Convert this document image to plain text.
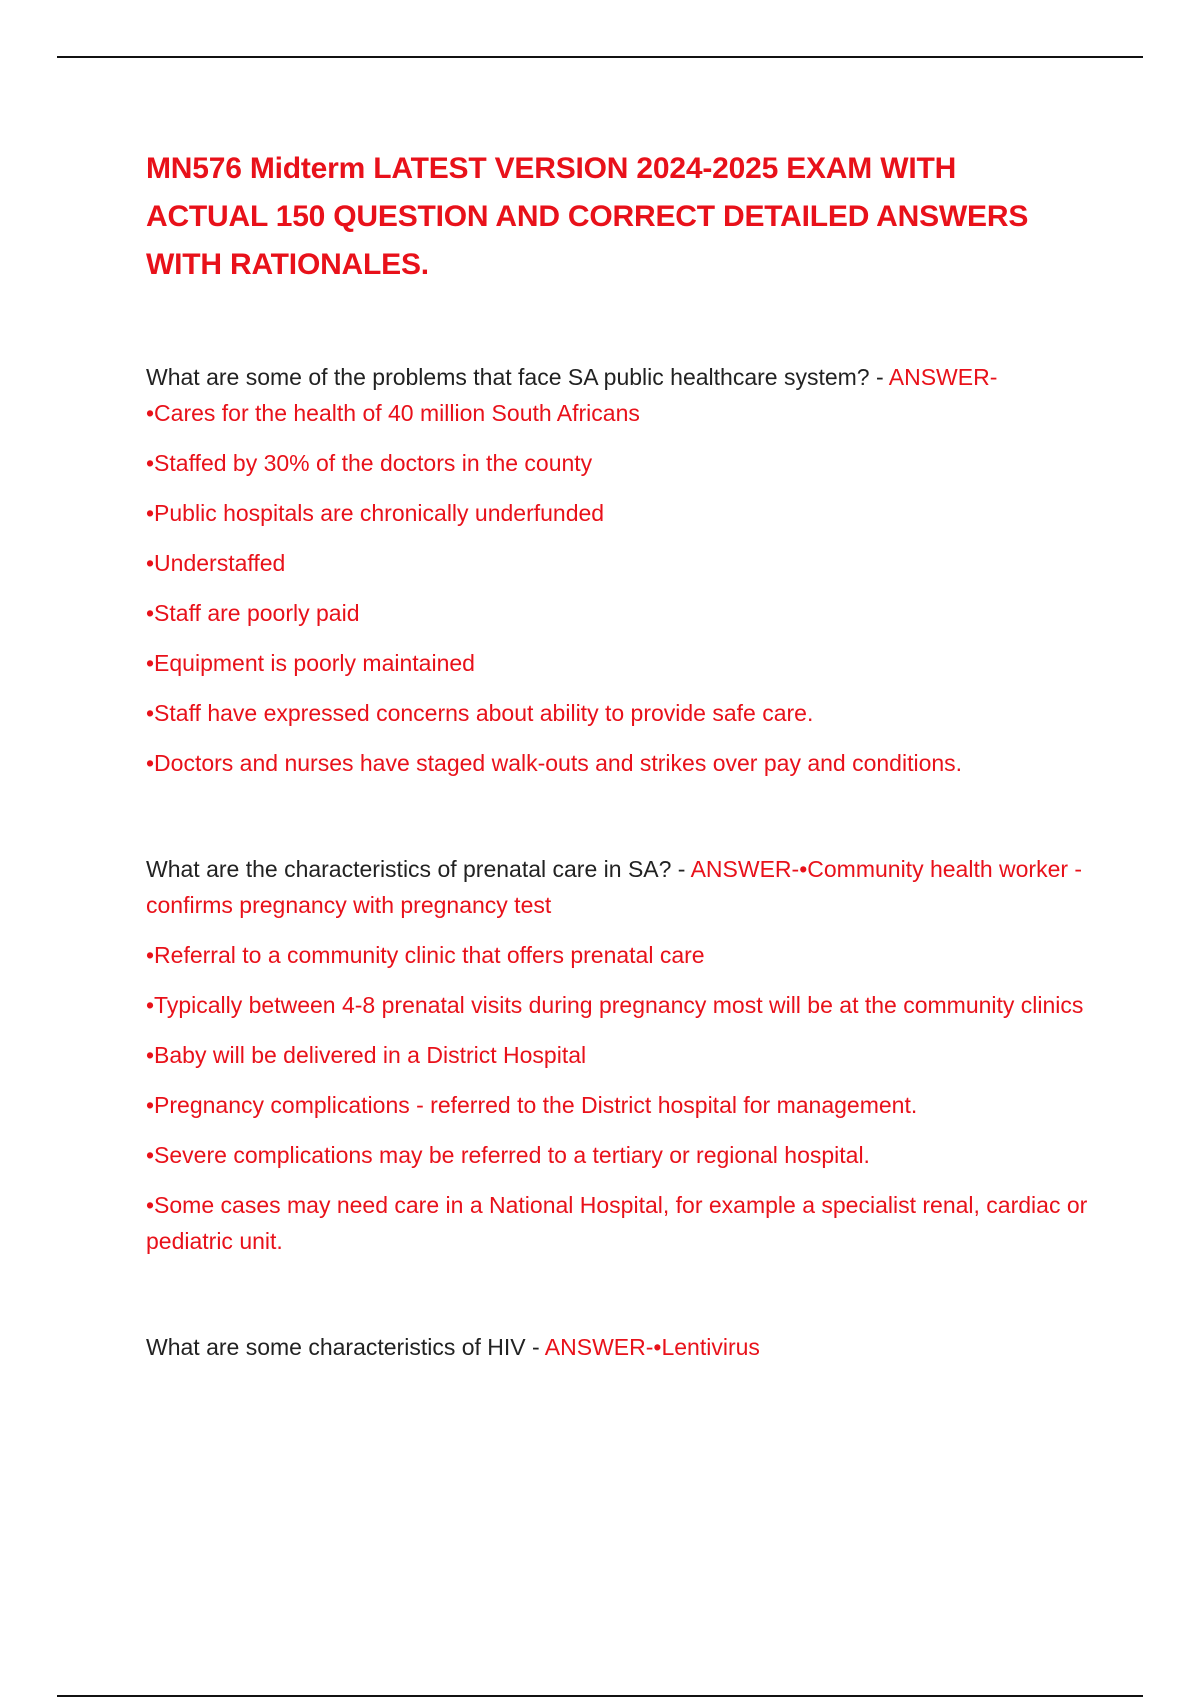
MN576 Midterm LATEST VERSION 2024-2025 EXAM WITH
ACTUAL 150 QUESTION AND CORRECT DETAILED ANSWERS
WITH RATIONALES.

What are some of the problems that face SA public healthcare system? - ANSWER-

•Cares for the health of 40 million South Africans

•Staffed by 30% of the doctors in the county

•Public hospitals are chronically underfunded

•Understaffed

•Staff are poorly paid

•Equipment is poorly maintained

•Staff have expressed concerns about ability to provide safe care.

•Doctors and nurses have staged walk-outs and strikes over pay and conditions.

What are the characteristics of prenatal care in SA? - ANSWER-•Community health worker - confirms pregnancy with pregnancy test

•Referral to a community clinic that offers prenatal care

•Typically between 4-8 prenatal visits during pregnancy most will be at the community clinics

•Baby will be delivered in a District Hospital

•Pregnancy complications - referred to the District hospital for management.

•Severe complications may be referred to a tertiary or regional hospital.

•Some cases may need care in a National Hospital, for example a specialist renal, cardiac or pediatric unit.

What are some characteristics of HIV - ANSWER-•Lentivirus
